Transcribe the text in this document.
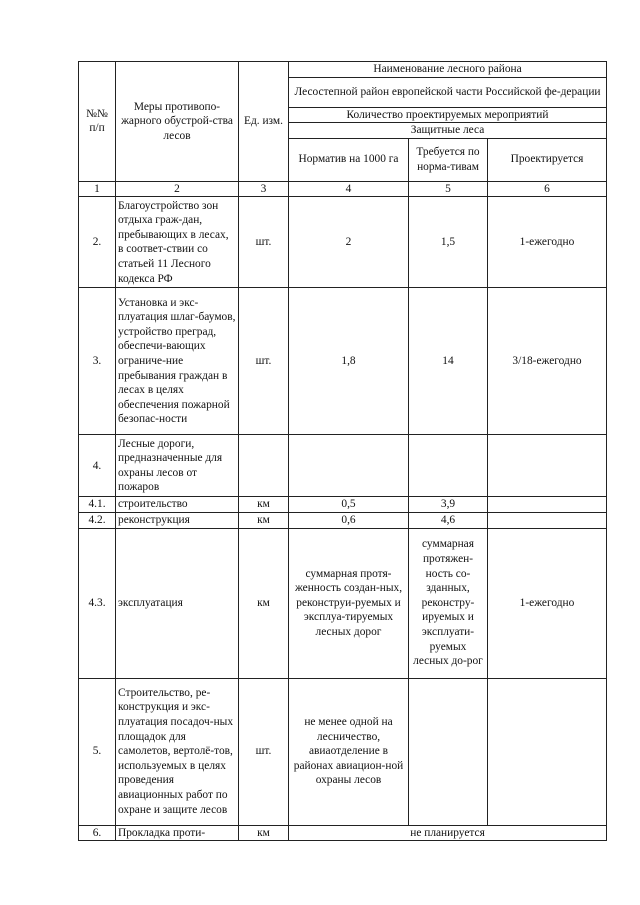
№№ п/п	Меры противопо-жарного обустрой-ства лесов	Ед. изм.	Наименование лесного района		
			Лесостепной район европейской части Российской фе-дерации		
			Количество проектируемых мероприятий		
			Защитные леса		
			Норматив на 1000 га	Требуется по норма-тивам	Проектируется

1	2	3	4	5	6
2.	Благоустройство зон отдыха граж-дан, пребывающих в лесах, в соответ-ствии со статьей 11 Лесного кодекса РФ	шт.	2	1,5	1-ежегодно
3.	Установка и экс-плуатация шлаг-баумов, устройство преград, обеспечи-вающих ограниче-ние пребывания граждан в лесах в целях обеспечения пожарной безопас-ности	шт.	1,8	14	3/18-ежегодно
4.	Лесные дороги, предназначенные для охраны лесов от пожаров				
4.1.	строительство	км	0,5	3,9	
4.2.	реконструкция	км	0,6	4,6	
4.3.	эксплуатация	км	суммарная протя-женность создан-ных, реконструи-руемых и эксплуа-тируемых лесных дорог	суммарная протяжен-ность со-зданных, реконстру-ируемых и эксплуати-руемых лесных до-рог	1-ежегодно
5.	Строительство, ре-конструкция и экс-плуатация посадоч-ных площадок для самолетов, вертолё-тов, используемых в целях проведения авиационных работ по охране и защите лесов	шт.	не менее одной на лесничество, авиаотделение в районах авиацион-ной охраны лесов		
6.	Прокладка проти-	км	не планируется		
